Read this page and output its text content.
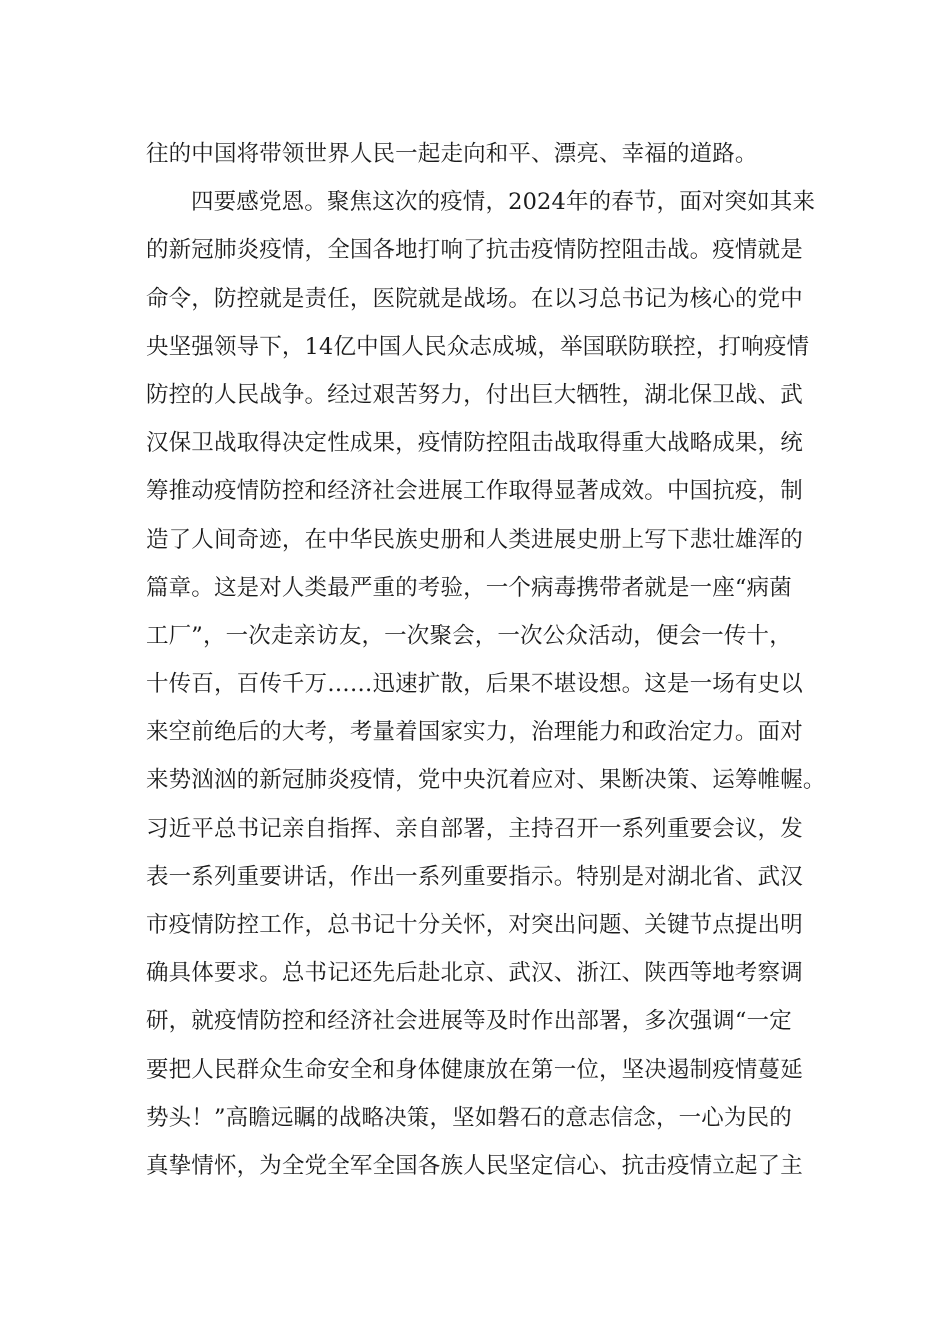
往的中国将带领世界人民一起走向和平、漂亮、幸福的道路。
四要感党恩。聚焦这次的疫情，2024年的春节，面对突如其来
的新冠肺炎疫情，全国各地打响了抗击疫情防控阻击战。疫情就是
命令，防控就是责任，医院就是战场。在以习总书记为核心的党中
央坚强领导下，14亿中国人民众志成城，举国联防联控，打响疫情
防控的人民战争。经过艰苦努力，付出巨大牺牲，湖北保卫战、武
汉保卫战取得决定性成果，疫情防控阻击战取得重大战略成果，统
筹推动疫情防控和经济社会进展工作取得显著成效。中国抗疫，制
造了人间奇迹，在中华民族史册和人类进展史册上写下悲壮雄浑的
篇章。这是对人类最严重的考验，一个病毒携带者就是一座“病菌
工厂”，一次走亲访友，一次聚会，一次公众活动，便会一传十，
十传百，百传千万……迅速扩散，后果不堪设想。这是一场有史以
来空前绝后的大考，考量着国家实力，治理能力和政治定力。面对
来势汹汹的新冠肺炎疫情，党中央沉着应对、果断决策、运筹帷幄。
习近平总书记亲自指挥、亲自部署，主持召开一系列重要会议，发
表一系列重要讲话，作出一系列重要指示。特别是对湖北省、武汉
市疫情防控工作，总书记十分关怀，对突出问题、关键节点提出明
确具体要求。总书记还先后赴北京、武汉、浙江、陕西等地考察调
研，就疫情防控和经济社会进展等及时作出部署，多次强调“一定
要把人民群众生命安全和身体健康放在第一位，坚决遏制疫情蔓延
势头！”高瞻远瞩的战略决策，坚如磐石的意志信念，一心为民的
真挚情怀，为全党全军全国各族人民坚定信心、抗击疫情立起了主
